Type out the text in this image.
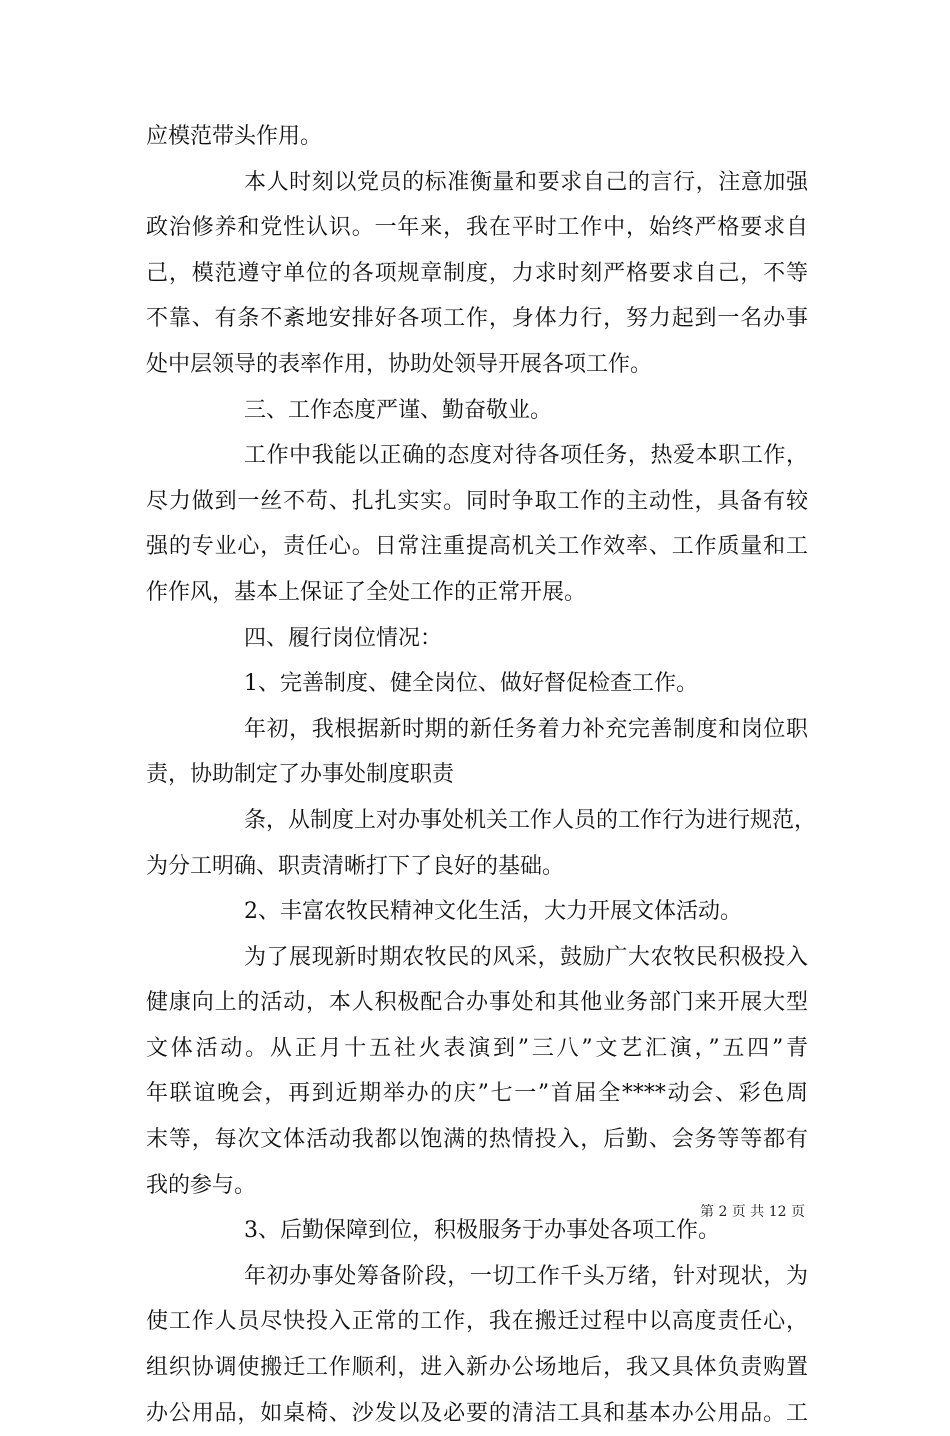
应模范带头作用。
本人时刻以党员的标准衡量和要求自己的言行，注意加强
政治修养和党性认识。一年来，我在平时工作中，始终严格要求自
己，模范遵守单位的各项规章制度，力求时刻严格要求自己，不等
不靠、有条不紊地安排好各项工作，身体力行，努力起到一名办事
处中层领导的表率作用，协助处领导开展各项工作。
三、工作态度严谨、勤奋敬业。
工作中我能以正确的态度对待各项任务，热爱本职工作，
尽力做到一丝不苟、扎扎实实。同时争取工作的主动性，具备有较
强的专业心，责任心。日常注重提高机关工作效率、工作质量和工
作作风，基本上保证了全处工作的正常开展。
四、履行岗位情况：
1、完善制度、健全岗位、做好督促检查工作。
年初，我根据新时期的新任务着力补充完善制度和岗位职
责，协助制定了办事处制度职责
条，从制度上对办事处机关工作人员的工作行为进行规范，
为分工明确、职责清晰打下了良好的基础。
2、丰富农牧民精神文化生活，大力开展文体活动。
为了展现新时期农牧民的风采，鼓励广大农牧民积极投入
健康向上的活动，本人积极配合办事处和其他业务部门来开展大型
文体活动。从正月十五社火表演到”三八”文艺汇演，”五四”青
年联谊晚会，再到近期举办的庆”七一”首届全****动会、彩色周
末等，每次文体活动我都以饱满的热情投入，后勤、会务等等都有
我的参与。
3、后勤保障到位，积极服务于办事处各项工作。
年初办事处筹备阶段，一切工作千头万绪，针对现状，为
使工作人员尽快投入正常的工作，我在搬迁过程中以高度责任心，
组织协调使搬迁工作顺利，进入新办公场地后，我又具体负责购置
办公用品，如桌椅、沙发以及必要的清洁工具和基本办公用品。工
第 2 页 共 12 页
